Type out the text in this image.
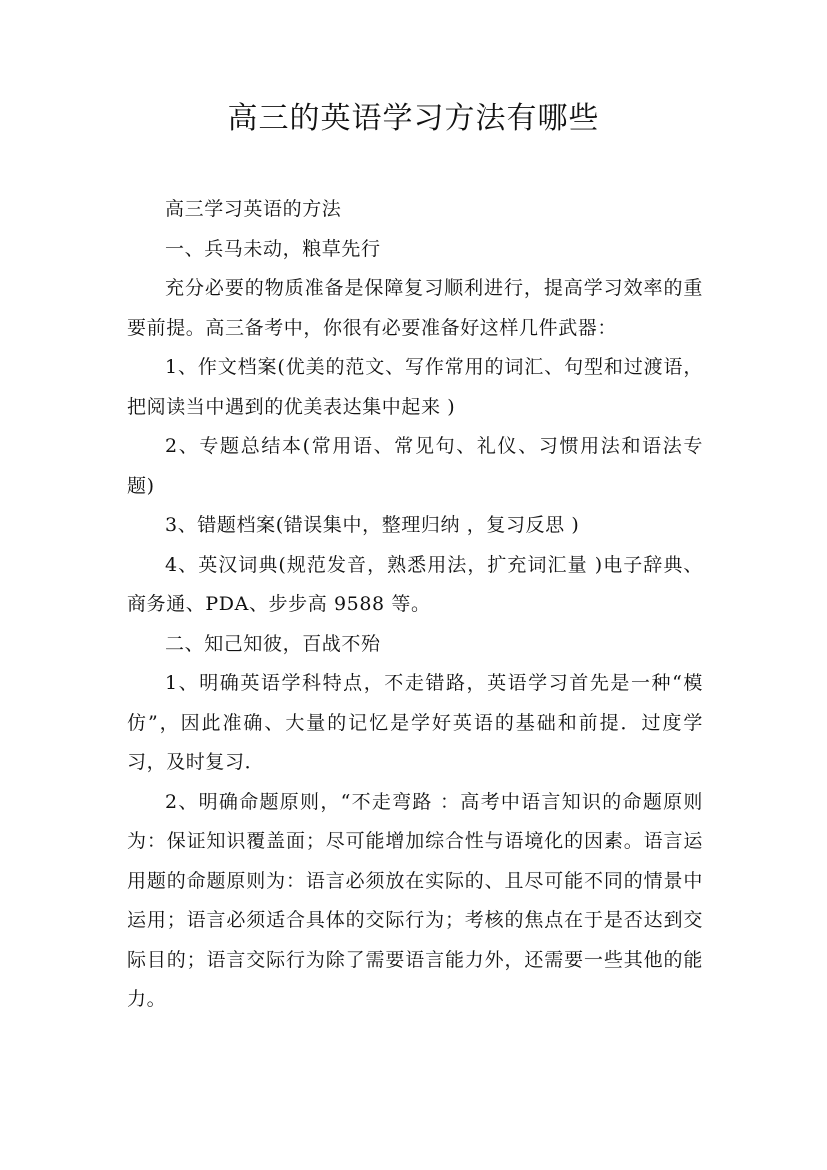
高三的英语学习方法有哪些

高三学习英语的方法

一、兵马未动，粮草先行

充分必要的物质准备是保障复习顺利进行，提高学习效率的重要前提。高三备考中，你很有必要准备好这样几件武器：

1、作文档案(优美的范文、写作常用的词汇、句型和过渡语，把阅读当中遇到的优美表达集中起来 )

2、专题总结本(常用语、常见句、礼仪、习惯用法和语法专题)

3、错题档案(错误集中，整理归纳 ，复习反思 )

4、英汉词典(规范发音，熟悉用法，扩充词汇量 )电子辞典、商务通、PDA、步步高 9588 等。

二、知己知彼，百战不殆

1、明确英语学科特点，不走错路，英语学习首先是一种“模仿”，因此准确、大量的记忆是学好英语的基础和前提．过度学习，及时复习．

2、明确命题原则，“不走弯路 ：高考中语言知识的命题原则为：保证知识覆盖面；尽可能增加综合性与语境化的因素。语言运用题的命题原则为：语言必须放在实际的、且尽可能不同的情景中运用；语言必须适合具体的交际行为；考核的焦点在于是否达到交际目的；语言交际行为除了需要语言能力外，还需要一些其他的能力。
